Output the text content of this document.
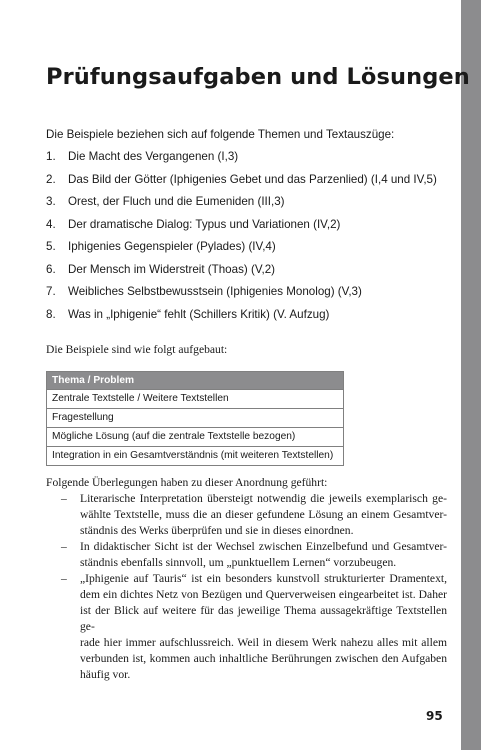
Prüfungsaufgaben und Lösungen
Die Beispiele beziehen sich auf folgende Themen und Textauszüge:
1. Die Macht des Vergangenen (I,3)
2. Das Bild der Götter (Iphigenies Gebet und das Parzenlied) (I,4 und IV,5)
3. Orest, der Fluch und die Eumeniden (III,3)
4. Der dramatische Dialog: Typus und Variationen (IV,2)
5. Iphigenies Gegenspieler (Pylades) (IV,4)
6. Der Mensch im Widerstreit (Thoas) (V,2)
7. Weibliches Selbstbewusstsein (Iphigenies Monolog) (V,3)
8. Was in „Iphigenie“ fehlt (Schillers Kritik) (V. Aufzug)
Die Beispiele sind wie folgt aufgebaut:
Thema / Problem
Zentrale Textstelle / Weitere Textstellen
Fragestellung
Mögliche Lösung (auf die zentrale Textstelle bezogen)
Integration in ein Gesamtverständnis (mit weiteren Textstellen)
Folgende Überlegungen haben zu dieser Anordnung geführt:
– Literarische Interpretation übersteigt notwendig die jeweils exemplarisch ge-
wählte Textstelle, muss die an dieser gefundene Lösung an einem Gesamtver-
ständnis des Werks überprüfen und sie in dieses einordnen.
– In didaktischer Sicht ist der Wechsel zwischen Einzelbefund und Gesamtver-
ständnis ebenfalls sinnvoll, um „punktuellem Lernen“ vorzubeugen.
– „Iphigenie auf Tauris“ ist ein besonders kunstvoll strukturierter Dramentext,
dem ein dichtes Netz von Bezügen und Querverweisen eingearbeitet ist. Daher
ist der Blick auf weitere für das jeweilige Thema aussagekräftige Textstellen ge-
rade hier immer aufschlussreich. Weil in diesem Werk nahezu alles mit allem
verbunden ist, kommen auch inhaltliche Berührungen zwischen den Aufgaben
häufig vor.
95
